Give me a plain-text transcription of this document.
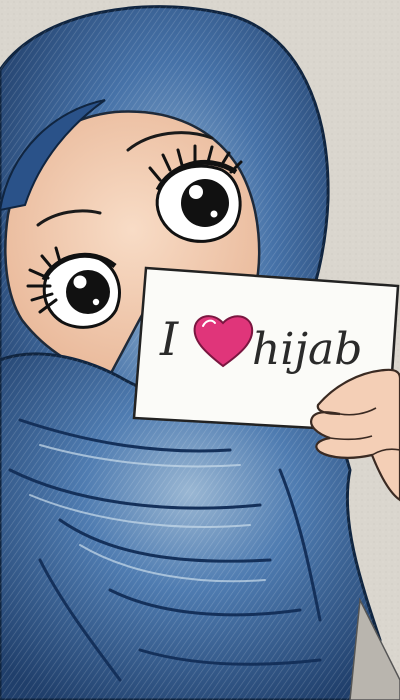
I hijab
